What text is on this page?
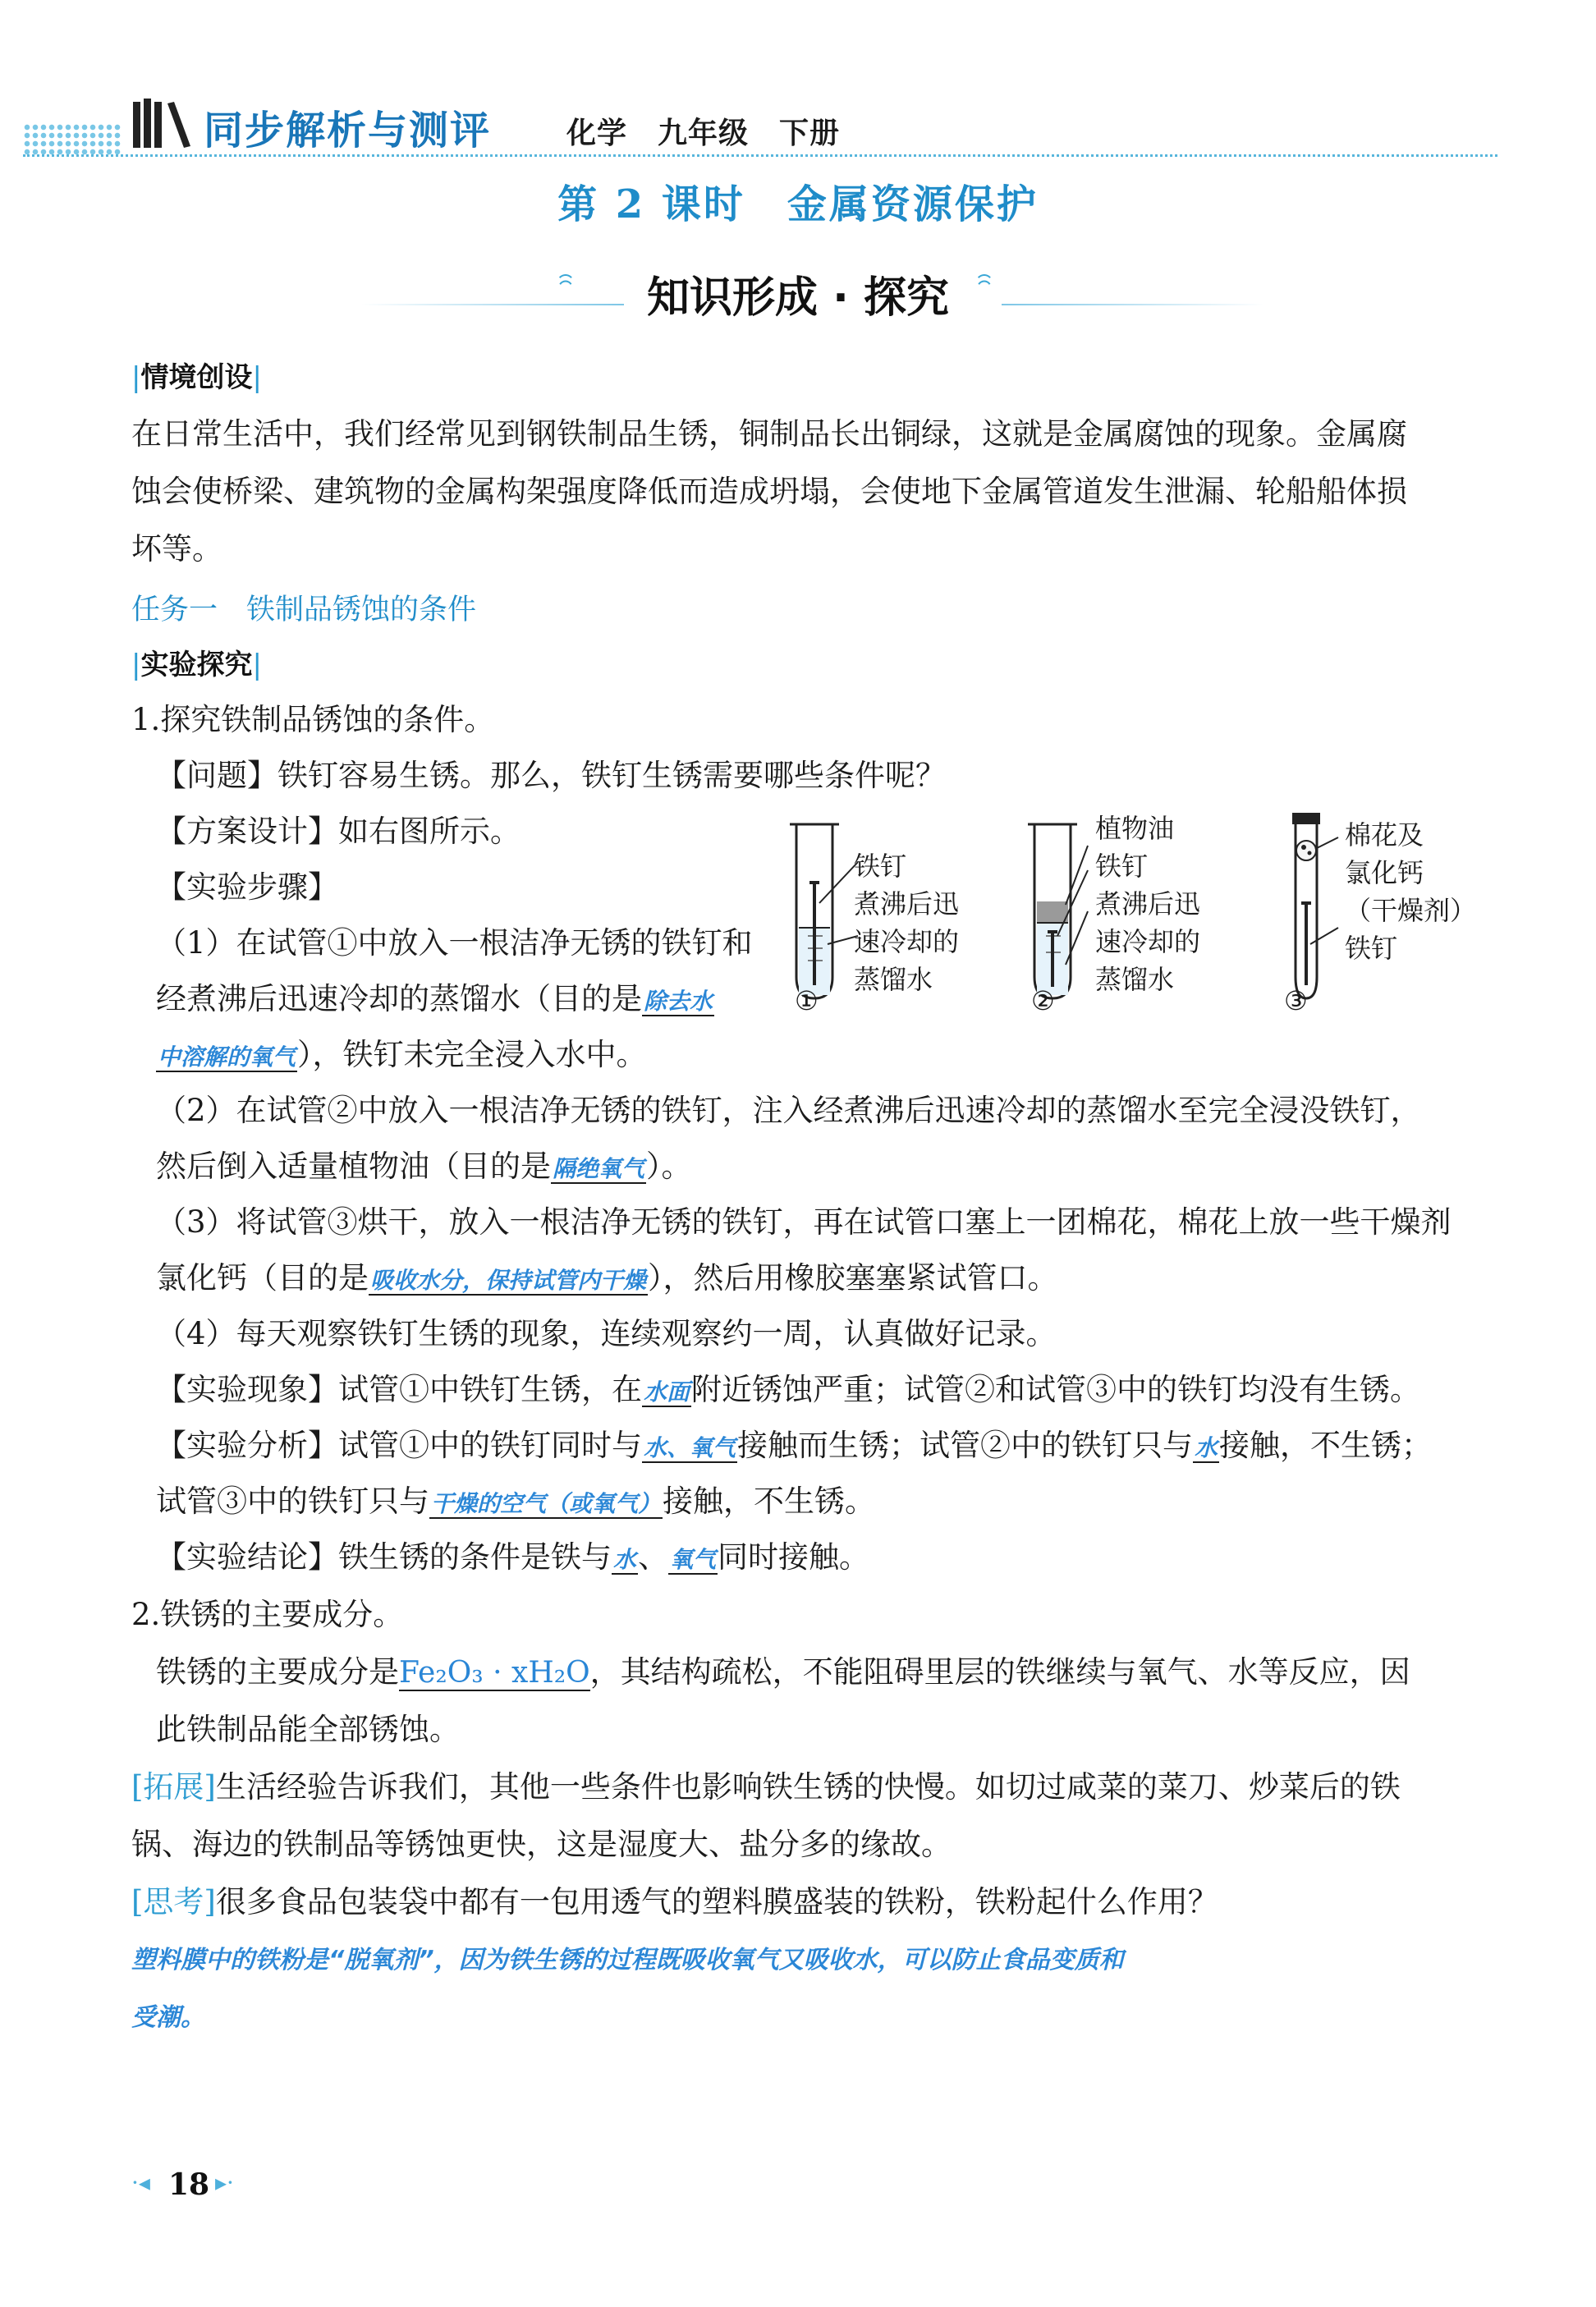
同步解析与测评	化学　九年级　下册
第 2 课时　金属资源保护
知识形成 · 探究
|情境创设|
在日常生活中，我们经常见到钢铁制品生锈，铜制品长出铜绿，这就是金属腐蚀的现象。金属腐
蚀会使桥梁、建筑物的金属构架强度降低而造成坍塌，会使地下金属管道发生泄漏、轮船船体损
坏等。
任务一　铁制品锈蚀的条件
|实验探究|
1.探究铁制品锈蚀的条件。
【问题】铁钉容易生锈。那么，铁钉生锈需要哪些条件呢？
【方案设计】如右图所示。
【实验步骤】
（1）在试管①中放入一根洁净无锈的铁钉和
经煮沸后迅速冷却的蒸馏水（目的是除去水
中溶解的氧气），铁钉未完全浸入水中。
铁钉
煮沸后迅
速冷却的
蒸馏水
①
植物油
铁钉
煮沸后迅
速冷却的
蒸馏水
②
棉花及
氯化钙
（干燥剂）
铁钉
③
（2）在试管②中放入一根洁净无锈的铁钉，注入经煮沸后迅速冷却的蒸馏水至完全浸没铁钉，
然后倒入适量植物油（目的是隔绝氧气）。
（3）将试管③烘干，放入一根洁净无锈的铁钉，再在试管口塞上一团棉花，棉花上放一些干燥剂
氯化钙（目的是吸收水分，保持试管内干燥），然后用橡胶塞塞紧试管口。
（4）每天观察铁钉生锈的现象，连续观察约一周，认真做好记录。
【实验现象】试管①中铁钉生锈，在水面附近锈蚀严重；试管②和试管③中的铁钉均没有生锈。
【实验分析】试管①中的铁钉同时与水、氧气接触而生锈；试管②中的铁钉只与水接触，不生锈；
试管③中的铁钉只与干燥的空气（或氧气）接触，不生锈。
【实验结论】铁生锈的条件是铁与水、氧气同时接触。
2.铁锈的主要成分。
铁锈的主要成分是Fe₂O₃ · xH₂O，其结构疏松，不能阻碍里层的铁继续与氧气、水等反应，因
此铁制品能全部锈蚀。
[拓展]生活经验告诉我们，其他一些条件也影响铁生锈的快慢。如切过咸菜的菜刀、炒菜后的铁
锅、海边的铁制品等锈蚀更快，这是湿度大、盐分多的缘故。
[思考]很多食品包装袋中都有一包用透气的塑料膜盛装的铁粉，铁粉起什么作用？
塑料膜中的铁粉是“脱氧剂”，因为铁生锈的过程既吸收氧气又吸收水，可以防止食品变质和
受潮。
·◂ 18 ▸·
